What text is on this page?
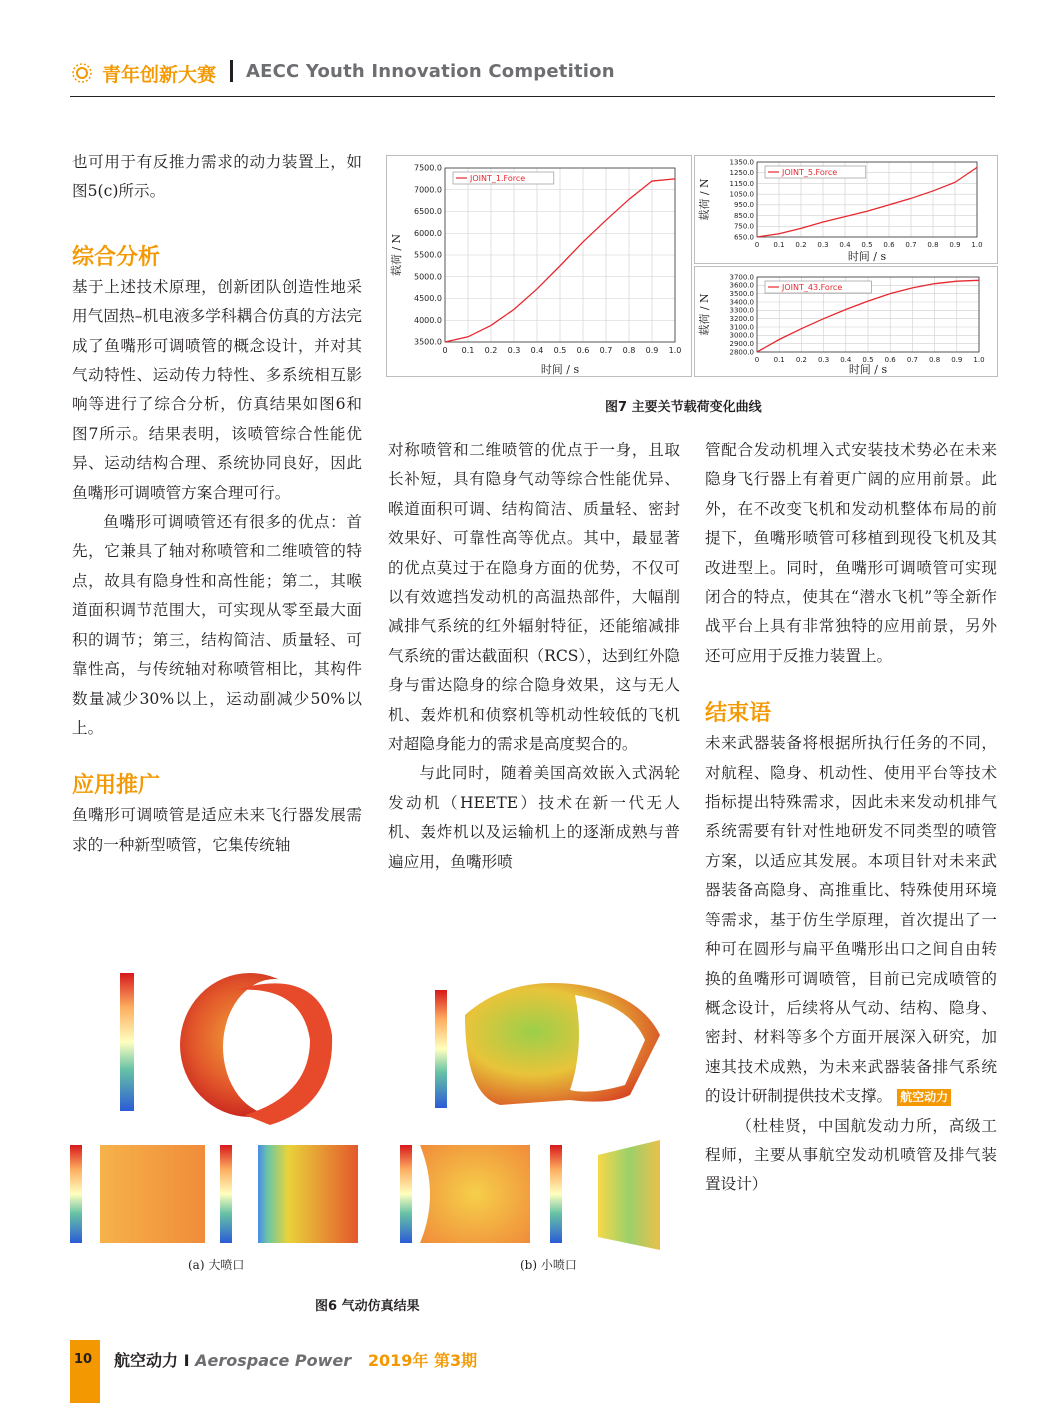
青年创新大赛 AECC Youth Innovation Competition

也可用于有反推力需求的动力装置上，如图5(c)所示。

综合分析

基于上述技术原理，创新团队创造性地采用气固热–机电液多学科耦合仿真的方法完成了鱼嘴形可调喷管的概念设计，并对其气动特性、运动传力特性、多系统相互影响等进行了综合分析，仿真结果如图6和图7所示。结果表明，该喷管综合性能优异、运动结构合理、系统协同良好，因此鱼嘴形可调喷管方案合理可行。

鱼嘴形可调喷管还有很多的优点：首先，它兼具了轴对称喷管和二维喷管的特点，故具有隐身性和高性能；第二，其喉道面积调节范围大，可实现从零至最大面积的调节；第三，结构简洁、质量轻、可靠性高，与传统轴对称喷管相比，其构件数量减少30%以上，运动副减少50%以上。

应用推广

鱼嘴形可调喷管是适应未来飞行器发展需求的一种新型喷管，它集传统轴

对称喷管和二维喷管的优点于一身，且取长补短，具有隐身气动等综合性能优异、喉道面积可调、结构简洁、质量轻、密封效果好、可靠性高等优点。其中，最显著的优点莫过于在隐身方面的优势，不仅可以有效遮挡发动机的高温热部件，大幅削减排气系统的红外辐射特征，还能缩减排气系统的雷达截面积（RCS），达到红外隐身与雷达隐身的综合隐身效果，这与无人机、轰炸机和侦察机等机动性较低的飞机对超隐身能力的需求是高度契合的。

与此同时，随着美国高效嵌入式涡轮发动机（HEETE）技术在新一代无人机、轰炸机以及运输机上的逐渐成熟与普遍应用，鱼嘴形喷

管配合发动机埋入式安装技术势必在未来隐身飞行器上有着更广阔的应用前景。此外，在不改变飞机和发动机整体布局的前提下，鱼嘴形喷管可移植到现役飞机及其改进型上。同时，鱼嘴形可调喷管可实现闭合的特点，使其在“潜水飞机”等全新作战平台上具有非常独特的应用前景，另外还可应用于反推力装置上。

结束语

未来武器装备将根据所执行任务的不同，对航程、隐身、机动性、使用平台等技术指标提出特殊需求，因此未来发动机排气系统需要有针对性地研发不同类型的喷管方案，以适应其发展。本项目针对未来武器装备高隐身、高推重比、特殊使用环境等需求，基于仿生学原理，首次提出了一种可在圆形与扁平鱼嘴形出口之间自由转换的鱼嘴形可调喷管，目前已完成喷管的概念设计，后续将从气动、结构、隐身、密封、材料等多个方面开展深入研究，加速其技术成熟，为未来武器装备排气系统的设计研制提供技术支撑。 航空动力

（杜桂贤，中国航发动力所，高级工程师，主要从事航空发动机喷管及排气装置设计）

0 0.1 0.2 0.3 0.4 0.5 0.6 0.7 0.8 0.9 1.0
3500.0
4000.0
4500.0
5000.0
5500.0
6000.0
6500.0
7000.0
7500.0
JOINT_1.Force
时间 / s
载荷 / N	0 0.1 0.2 0.3 0.4 0.5 0.6 0.7 0.8 0.9 1.0
650.0
750.0
850.0
950.0
1050.0
1150.0
1250.0
1350.0
JOINT_5.Force
时间 / s
载荷 / N
0 0.1 0.2 0.3 0.4 0.5 0.6 0.7 0.8 0.9 1.0
2800.0
2900.0
3000.0
3100.0
3200.0
3300.0
3400.0
3500.0
3600.0
3700.0
JOINT_43.Force
时间 / s
载荷 / N
图7 主要关节载荷变化曲线
(a) 大喷口	(b) 小喷口
图6 气动仿真结果
10 航空动力 I Aerospace Power 2019年 第3期
